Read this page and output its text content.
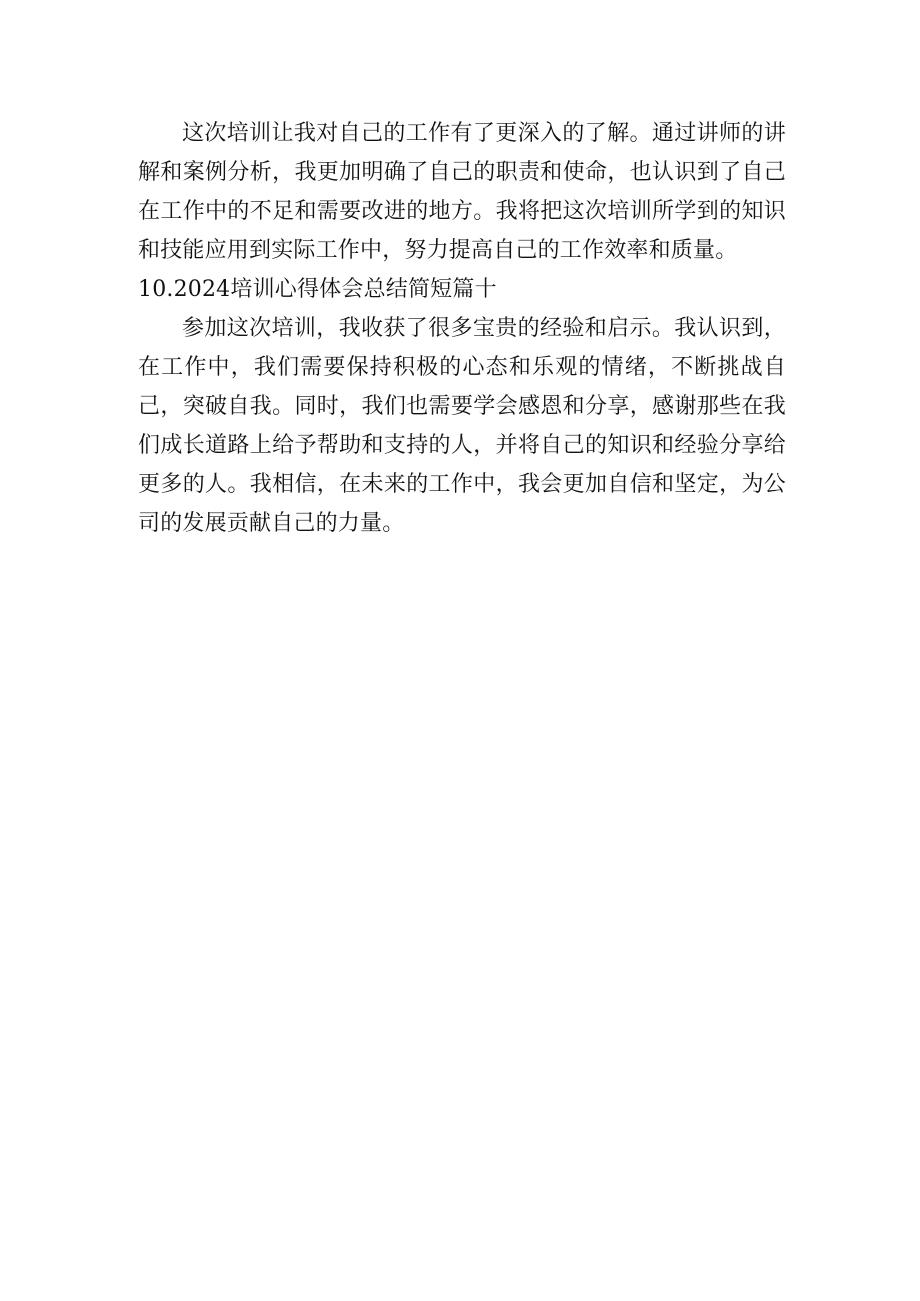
这次培训让我对自己的工作有了更深入的了解。通过讲师的讲解和案例分析，我更加明确了自己的职责和使命，也认识到了自己在工作中的不足和需要改进的地方。我将把这次培训所学到的知识和技能应用到实际工作中，努力提高自己的工作效率和质量。

10.2024培训心得体会总结简短篇十

参加这次培训，我收获了很多宝贵的经验和启示。我认识到，在工作中，我们需要保持积极的心态和乐观的情绪，不断挑战自己，突破自我。同时，我们也需要学会感恩和分享，感谢那些在我们成长道路上给予帮助和支持的人，并将自己的知识和经验分享给更多的人。我相信，在未来的工作中，我会更加自信和坚定，为公司的发展贡献自己的力量。
